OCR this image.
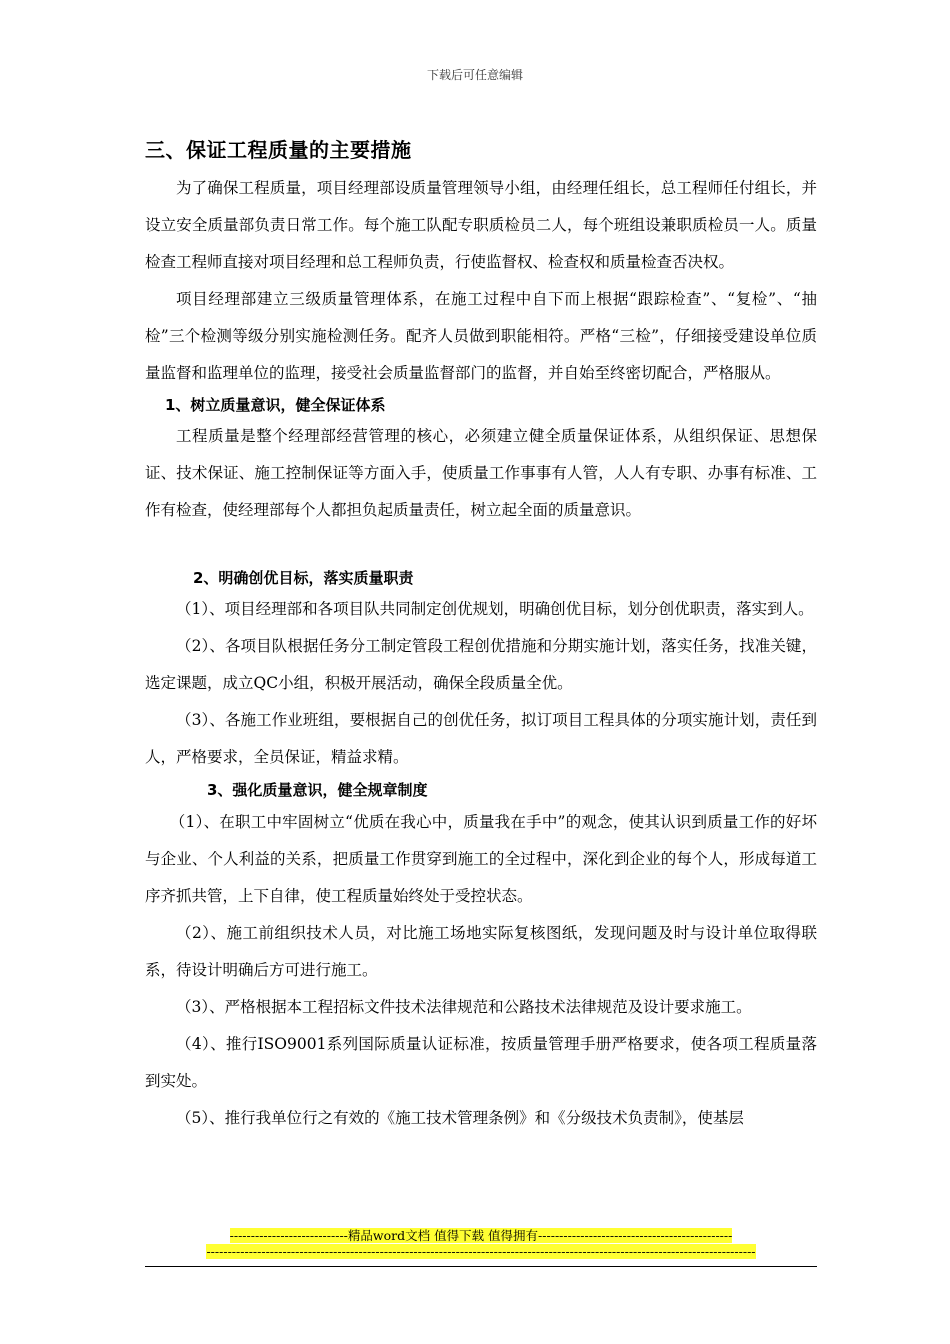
下载后可任意编辑
三、保证工程质量的主要措施

为了确保工程质量，项目经理部设质量管理领导小组，由经理任组长，总工程师任付组长，并设立安全质量部负责日常工作。每个施工队配专职质检员二人，每个班组设兼职质检员一人。质量检查工程师直接对项目经理和总工程师负责，行使监督权、检查权和质量检查否决权。

项目经理部建立三级质量管理体系，在施工过程中自下而上根据“跟踪检查”、“复检”、“抽检”三个检测等级分别实施检测任务。配齐人员做到职能相符。严格“三检”，仔细接受建设单位质量监督和监理单位的监理，接受社会质量监督部门的监督，并自始至终密切配合，严格服从。

1、树立质量意识，健全保证体系

工程质量是整个经理部经营管理的核心，必须建立健全质量保证体系，从组织保证、思想保证、技术保证、施工控制保证等方面入手，使质量工作事事有人管，人人有专职、办事有标准、工作有检查，使经理部每个人都担负起质量责任，树立起全面的质量意识。

2、明确创优目标，落实质量职责

（1）、项目经理部和各项目队共同制定创优规划，明确创优目标，划分创优职责，落实到人。

（2）、各项目队根据任务分工制定管段工程创优措施和分期实施计划，落实任务，找准关键，选定课题，成立QC小组，积极开展活动，确保全段质量全优。

（3）、各施工作业班组，要根据自己的创优任务，拟订项目工程具体的分项实施计划，责任到人，严格要求，全员保证，精益求精。

3、强化质量意识，健全规章制度

（1）、在职工中牢固树立“优质在我心中，质量我在手中”的观念，使其认识到质量工作的好坏与企业、个人利益的关系，把质量工作贯穿到施工的全过程中，深化到企业的每个人，形成每道工序齐抓共管，上下自律，使工程质量始终处于受控状态。

（2）、施工前组织技术人员，对比施工场地实际复核图纸，发现问题及时与设计单位取得联系，待设计明确后方可进行施工。

（3）、严格根据本工程招标文件技术法律规范和公路技术法律规范及设计要求施工。

（4）、推行ISO9001系列国际质量认证标准，按质量管理手册严格要求，使各项工程质量落到实处。

（5）、推行我单位行之有效的《施工技术管理条例》和《分级技术负责制》，使基层

----------------------------精品word文档 值得下载 值得拥有----------------------------------------------
----------------------------------------------------------------------------------------------------------------------------------
